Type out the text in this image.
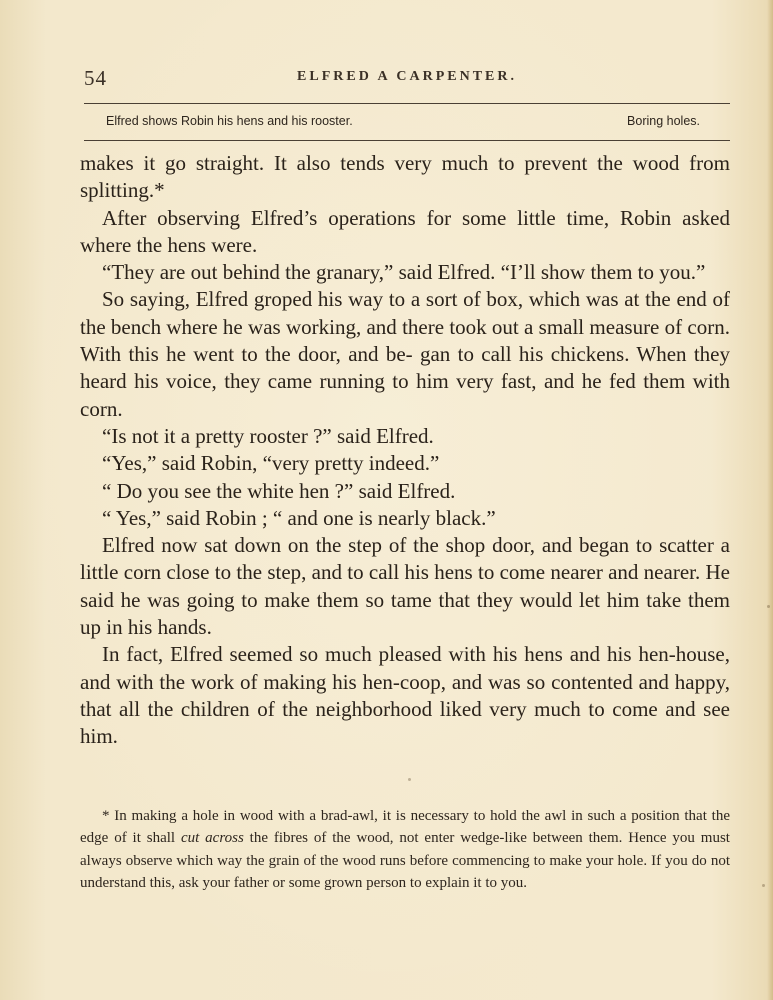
54	ELFRED A CARPENTER.
Elfred shows Robin his hens and his rooster.	Boring holes.

makes it go straight. It also tends very much to prevent the wood from splitting.*

After observing Elfred’s operations for some little time, Robin asked where the hens were.

“They are out behind the granary,” said Elfred. “I’ll show them to you.”

So saying, Elfred groped his way to a sort of box, which was at the end of the bench where he was working, and there took out a small measure of corn. With this he went to the door, and be- gan to call his chickens. When they heard his voice, they came running to him very fast, and he fed them with corn.

“Is not it a pretty rooster ?” said Elfred.

“Yes,” said Robin, “very pretty indeed.”

“ Do you see the white hen ?” said Elfred.

“ Yes,” said Robin ; “ and one is nearly black.”

Elfred now sat down on the step of the shop door, and began to scatter a little corn close to the step, and to call his hens to come nearer and nearer. He said he was going to make them so tame that they would let him take them up in his hands.

In fact, Elfred seemed so much pleased with his hens and his hen-house, and with the work of making his hen-coop, and was so contented and happy, that all the children of the neighborhood liked very much to come and see him.

* In making a hole in wood with a brad-awl, it is necessary to hold the awl in such a position that the edge of it shall cut across the fibres of the wood, not enter wedge-like between them. Hence you must always observe which way the grain of the wood runs before commencing to make your hole. If you do not understand this, ask your father or some grown person to explain it to you.
